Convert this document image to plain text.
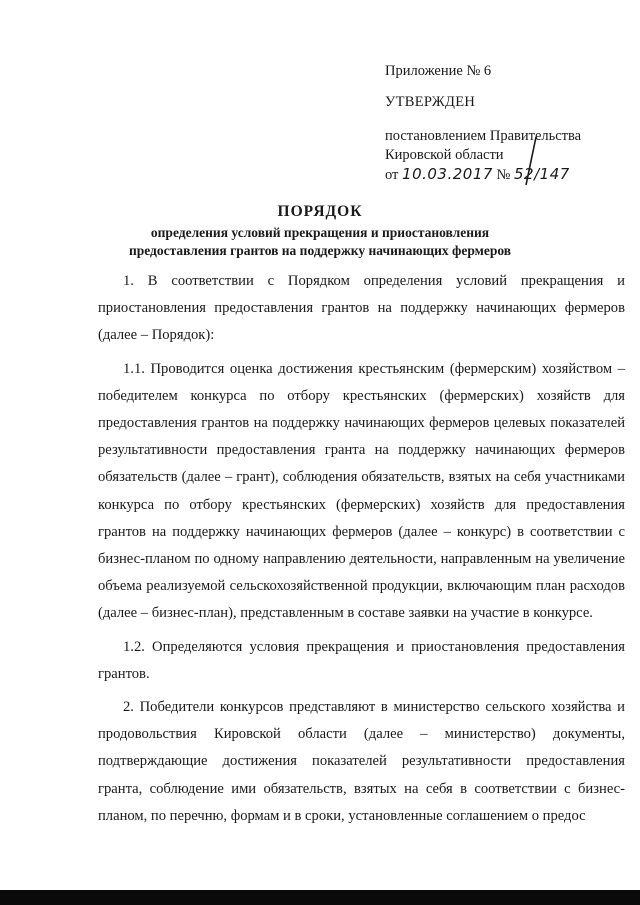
Приложение № 6
УТВЕРЖДЕН
постановлением Правительства
Кировской области
от 10.03.2017 № 52/147
ПОРЯДОК
определения условий прекращения и приостановления
предоставления грантов на поддержку начинающих фермеров

1. В соответствии с Порядком определения условий прекращения и приостановления предоставления грантов на поддержку начинающих фермеров (далее – Порядок):

1.1. Проводится оценка достижения крестьянским (фермерским) хозяйством – победителем конкурса по отбору крестьянских (фермерских) хозяйств для предоставления грантов на поддержку начинающих фермеров целевых показателей результативности предоставления гранта на поддержку начинающих фермеров обязательств (далее – грант), соблюдения обязательств, взятых на себя участниками конкурса по отбору крестьянских (фермерских) хозяйств для предоставления грантов на поддержку начинающих фермеров (далее – конкурс) в соответствии с бизнес-планом по одному направлению деятельности, направленным на увеличение объема реализуемой сельскохозяйственной продукции, включающим план расходов (далее – бизнес-план), представленным в составе заявки на участие в конкурсе.

1.2. Определяются условия прекращения и приостановления предоставления грантов.

2. Победители конкурсов представляют в министерство сельского хозяйства и продовольствия Кировской области (далее – министерство) документы, подтверждающие достижения показателей результативности предоставления гранта, соблюдение ими обязательств, взятых на себя в соответствии с бизнес-планом, по перечню, формам и в сроки, установленные соглашением о предос
